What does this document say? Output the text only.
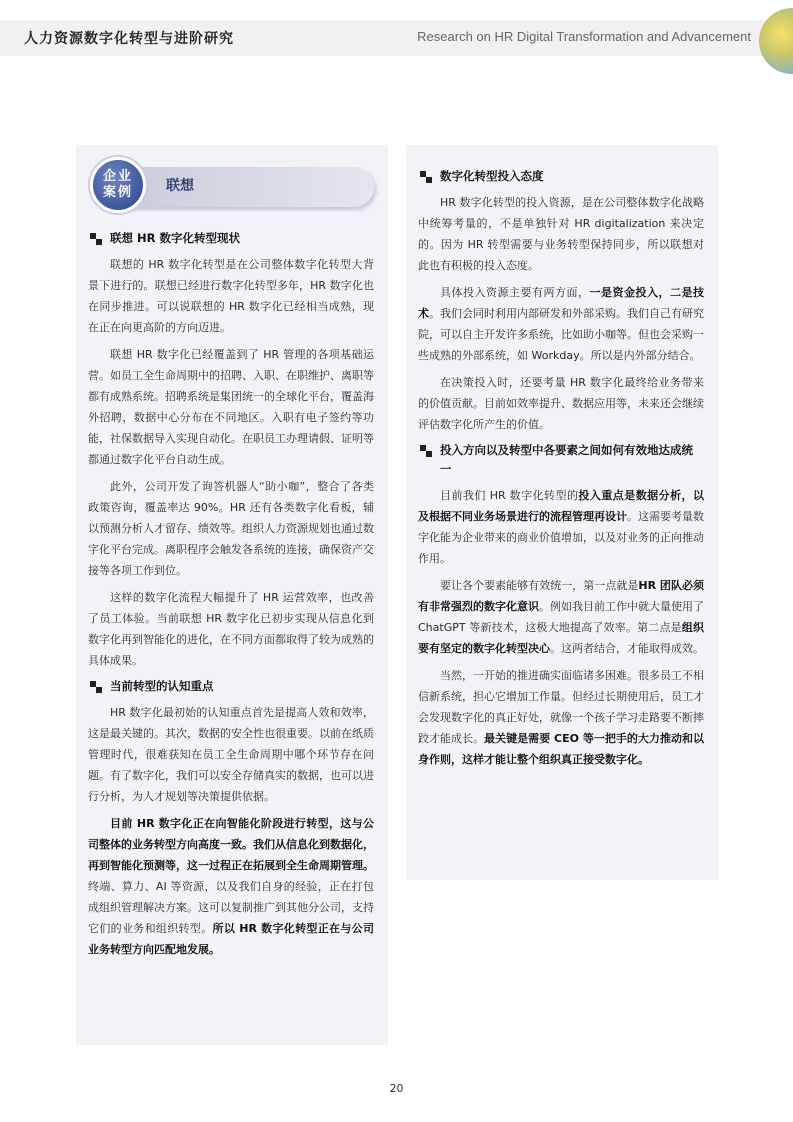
人力资源数字化转型与进阶研究	Research on HR Digital Transformation and Advancement
企业
案例	联想
联想 HR 数字化转型现状

联想的 HR 数字化转型是在公司整体数字化转型大背景下进行的。联想已经进行数字化转型多年，HR 数字化也在同步推进。可以说联想的 HR 数字化已经相当成熟，现在正在向更高阶的方向迈进。

联想 HR 数字化已经覆盖到了 HR 管理的各项基础运营。如员工全生命周期中的招聘、入职、在职维护、离职等都有成熟系统。招聘系统是集团统一的全球化平台，覆盖海外招聘，数据中心分布在不同地区。入职有电子签约等功能，社保数据导入实现自动化。在职员工办理请假、证明等都通过数字化平台自动生成。

此外，公司开发了询答机器人“助小咖”，整合了各类政策咨询，覆盖率达 90%。HR 还有各类数字化看板，辅以预测分析人才留存、绩效等。组织人力资源规划也通过数字化平台完成。离职程序会触发各系统的连接，确保资产交接等各项工作到位。

这样的数字化流程大幅提升了 HR 运营效率，也改善了员工体验。当前联想 HR 数字化已初步实现从信息化到数字化再到智能化的进化，在不同方面都取得了较为成熟的具体成果。

当前转型的认知重点

HR 数字化最初始的认知重点首先是提高人效和效率，这是最关键的。其次，数据的安全性也很重要。以前在纸质管理时代，很难获知在员工全生命周期中哪个环节存在问题。有了数字化，我们可以安全存储真实的数据，也可以进行分析，为人才规划等决策提供依据。

目前 HR 数字化正在向智能化阶段进行转型，这与公司整体的业务转型方向高度一致。我们从信息化到数据化，再到智能化预测等，这一过程正在拓展到全生命周期管理。终端、算力、AI 等资源，以及我们自身的经验，正在打包成组织管理解决方案。这可以复制推广到其他分公司，支持它们的业务和组织转型。所以 HR 数字化转型正在与公司业务转型方向匹配地发展。

数字化转型投入态度

HR 数字化转型的投入资源，是在公司整体数字化战略中统筹考量的，不是单独针对 HR digitalization 来决定的。因为 HR 转型需要与业务转型保持同步，所以联想对此也有积极的投入态度。

具体投入资源主要有两方面，一是资金投入，二是技术。我们会同时利用内部研发和外部采购。我们自己有研究院，可以自主开发许多系统，比如助小咖等。但也会采购一些成熟的外部系统，如 Workday。所以是内外部分结合。

在决策投入时，还要考量 HR 数字化最终给业务带来的价值贡献。目前如效率提升、数据应用等，未来还会继续评估数字化所产生的价值。

投入方向以及转型中各要素之间如何有效地达成统一

目前我们 HR 数字化转型的投入重点是数据分析，以及根据不同业务场景进行的流程管理再设计。这需要考量数字化能为企业带来的商业价值增加，以及对业务的正向推动作用。

要让各个要素能够有效统一，第一点就是HR 团队必须有非常强烈的数字化意识。例如我目前工作中就大量使用了 ChatGPT 等新技术，这极大地提高了效率。第二点是组织要有坚定的数字化转型决心。这两者结合，才能取得成效。

当然，一开始的推进确实面临诸多困难。很多员工不相信新系统，担心它增加工作量。但经过长期使用后，员工才会发现数字化的真正好处，就像一个孩子学习走路要不断摔跤才能成长。最关键是需要 CEO 等一把手的大力推动和以身作则，这样才能让整个组织真正接受数字化。

20
